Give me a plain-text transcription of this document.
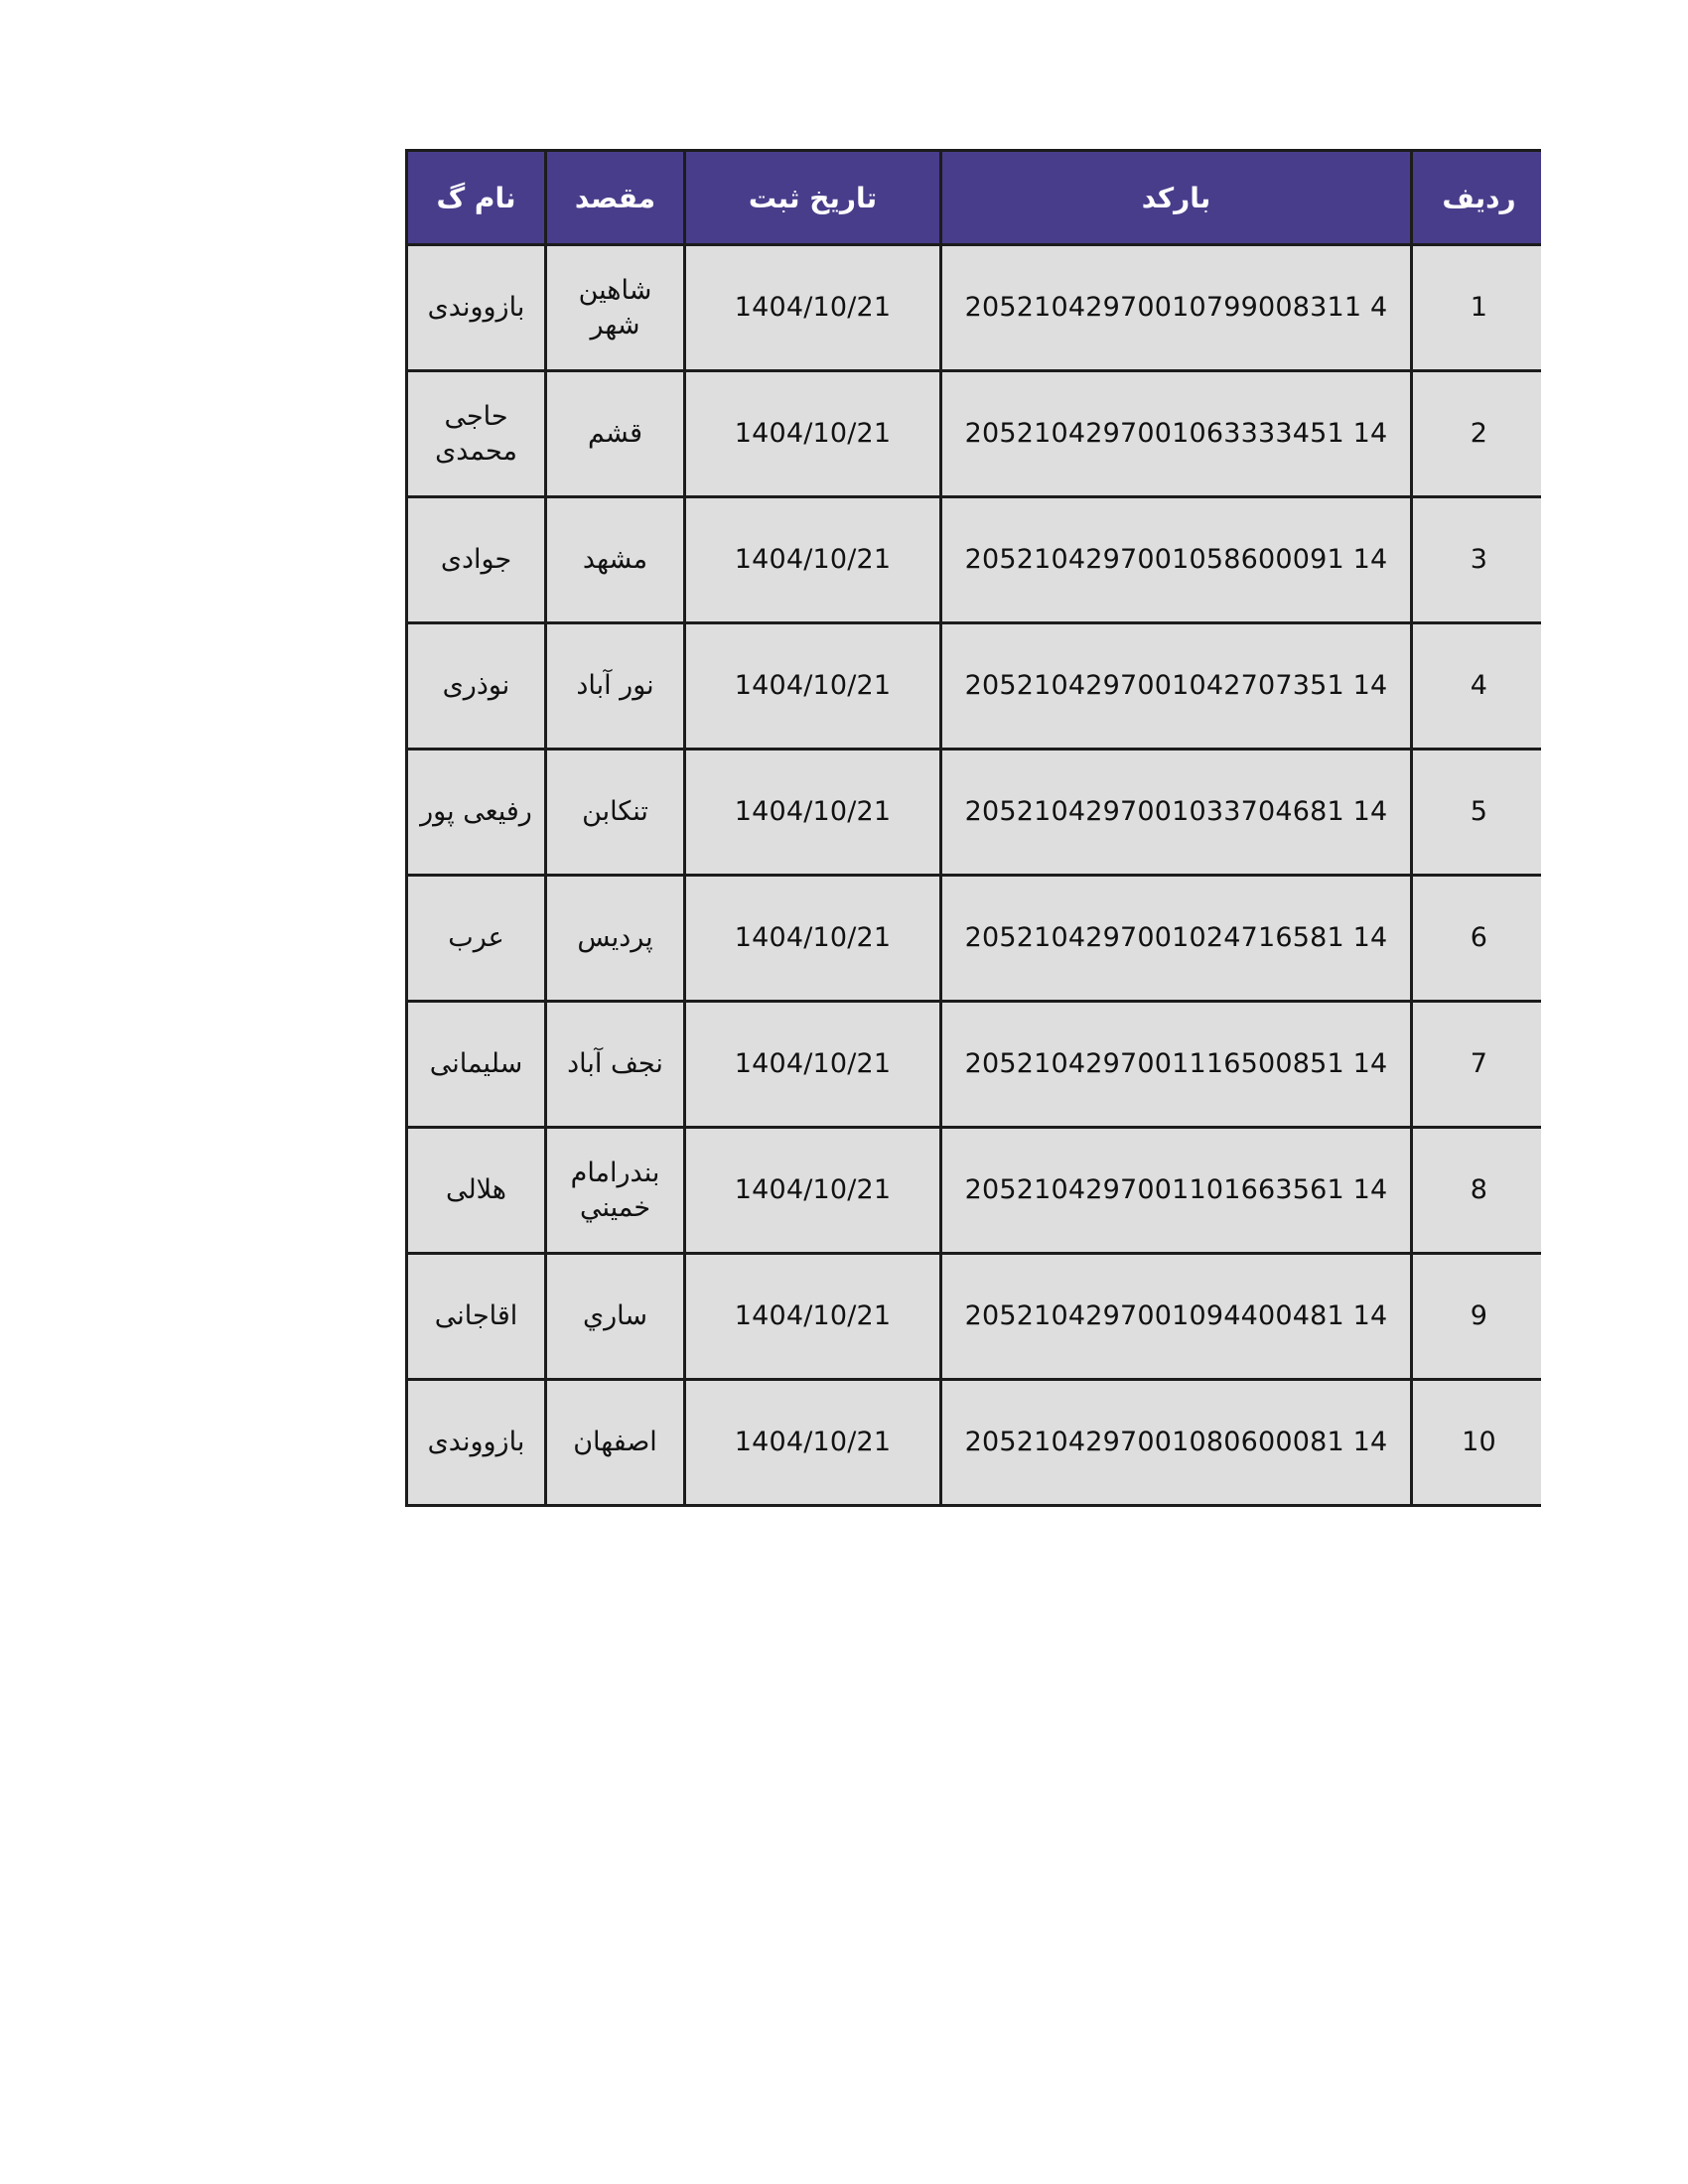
نام گ	مقصد	تاریخ ثبت	بارکد	ردیف
بازووندی	شاهین شهر	1404/10/21	20521042970010799008311 4	1
حاجی محمدی	قشم	1404/10/21	2052104297001063333451 14	2
جوادی	مشهد	1404/10/21	2052104297001058600091 14	3
نوذری	نور آباد	1404/10/21	2052104297001042707351 14	4
رفیعی پور	تنکابن	1404/10/21	2052104297001033704681 14	5
عرب	پردیس	1404/10/21	2052104297001024716581 14	6
سلیمانی	نجف آباد	1404/10/21	2052104297001116500851 14	7
هلالی	بندرامام خميني	1404/10/21	2052104297001101663561 14	8
اقاجانی	ساري	1404/10/21	2052104297001094400481 14	9
بازووندی	اصفهان	1404/10/21	2052104297001080600081 14	10
